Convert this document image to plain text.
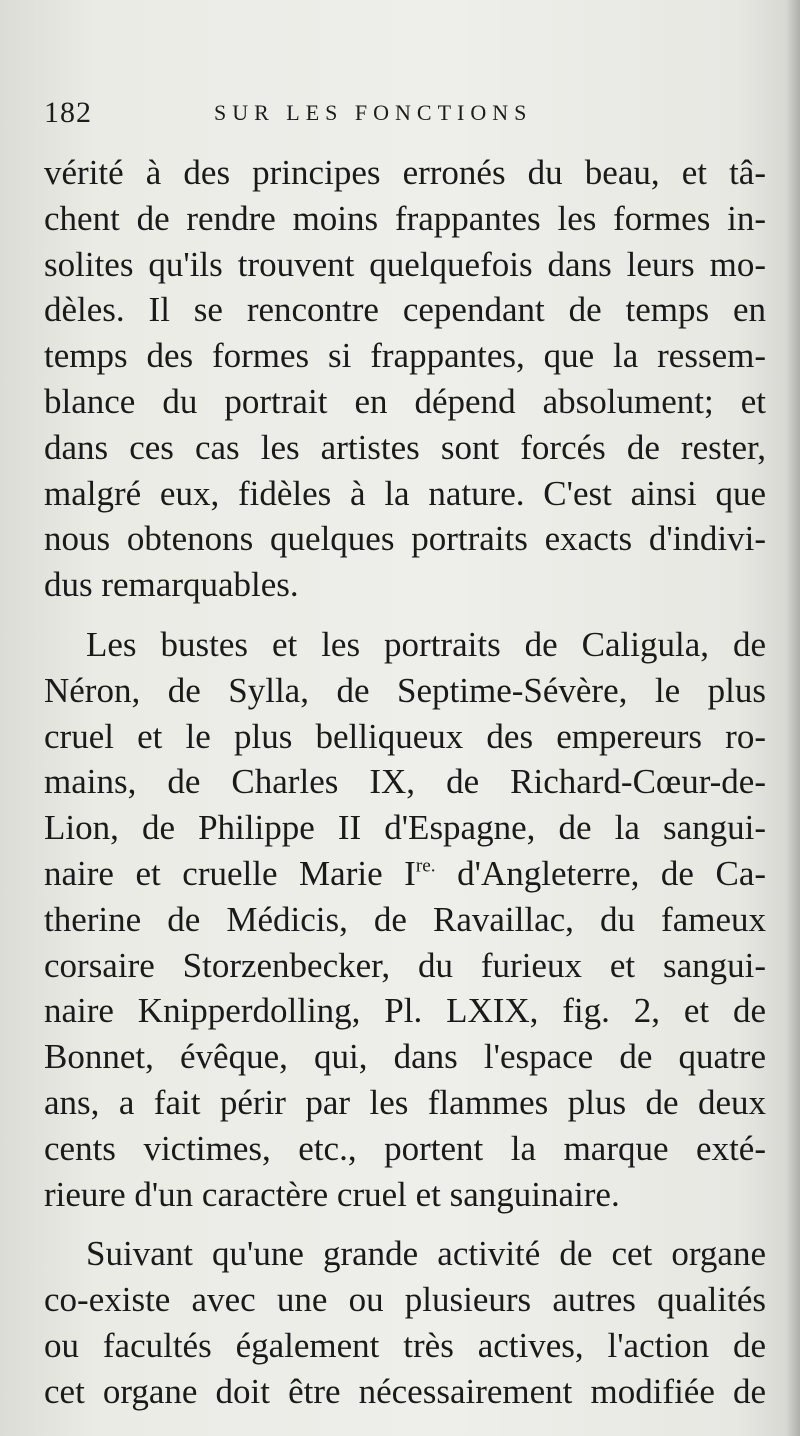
182	SUR LES FONCTIONS

vérité à des principes erronés du beau, et tâ-
chent de rendre moins frappantes les formes in-
solites qu'ils trouvent quelquefois dans leurs mo-
dèles. Il se rencontre cependant de temps en
temps des formes si frappantes, que la ressem-
blance du portrait en dépend absolument; et
dans ces cas les artistes sont forcés de rester,
malgré eux, fidèles à la nature. C'est ainsi que
nous obtenons quelques portraits exacts d'indivi-
dus remarquables.

Les bustes et les portraits de Caligula, de
Néron, de Sylla, de Septime-Sévère, le plus
cruel et le plus belliqueux des empereurs ro-
mains, de Charles IX, de Richard-Cœur-de-
Lion, de Philippe II d'Espagne, de la sangui-
naire et cruelle Marie $I^{re.}$ d'Angleterre, de Ca-
therine de Médicis, de Ravaillac, du fameux
corsaire Storzenbecker, du furieux et sangui-
naire Knipperdolling, Pl. LXIX, fig. 2, et de
Bonnet, évêque, qui, dans l'espace de quatre
ans, a fait périr par les flammes plus de deux
cents victimes, etc., portent la marque exté-
rieure d'un caractère cruel et sanguinaire.

Suivant qu'une grande activité de cet organe
co-existe avec une ou plusieurs autres qualités
ou facultés également très actives, l'action de
cet organe doit être nécessairement modifiée de
